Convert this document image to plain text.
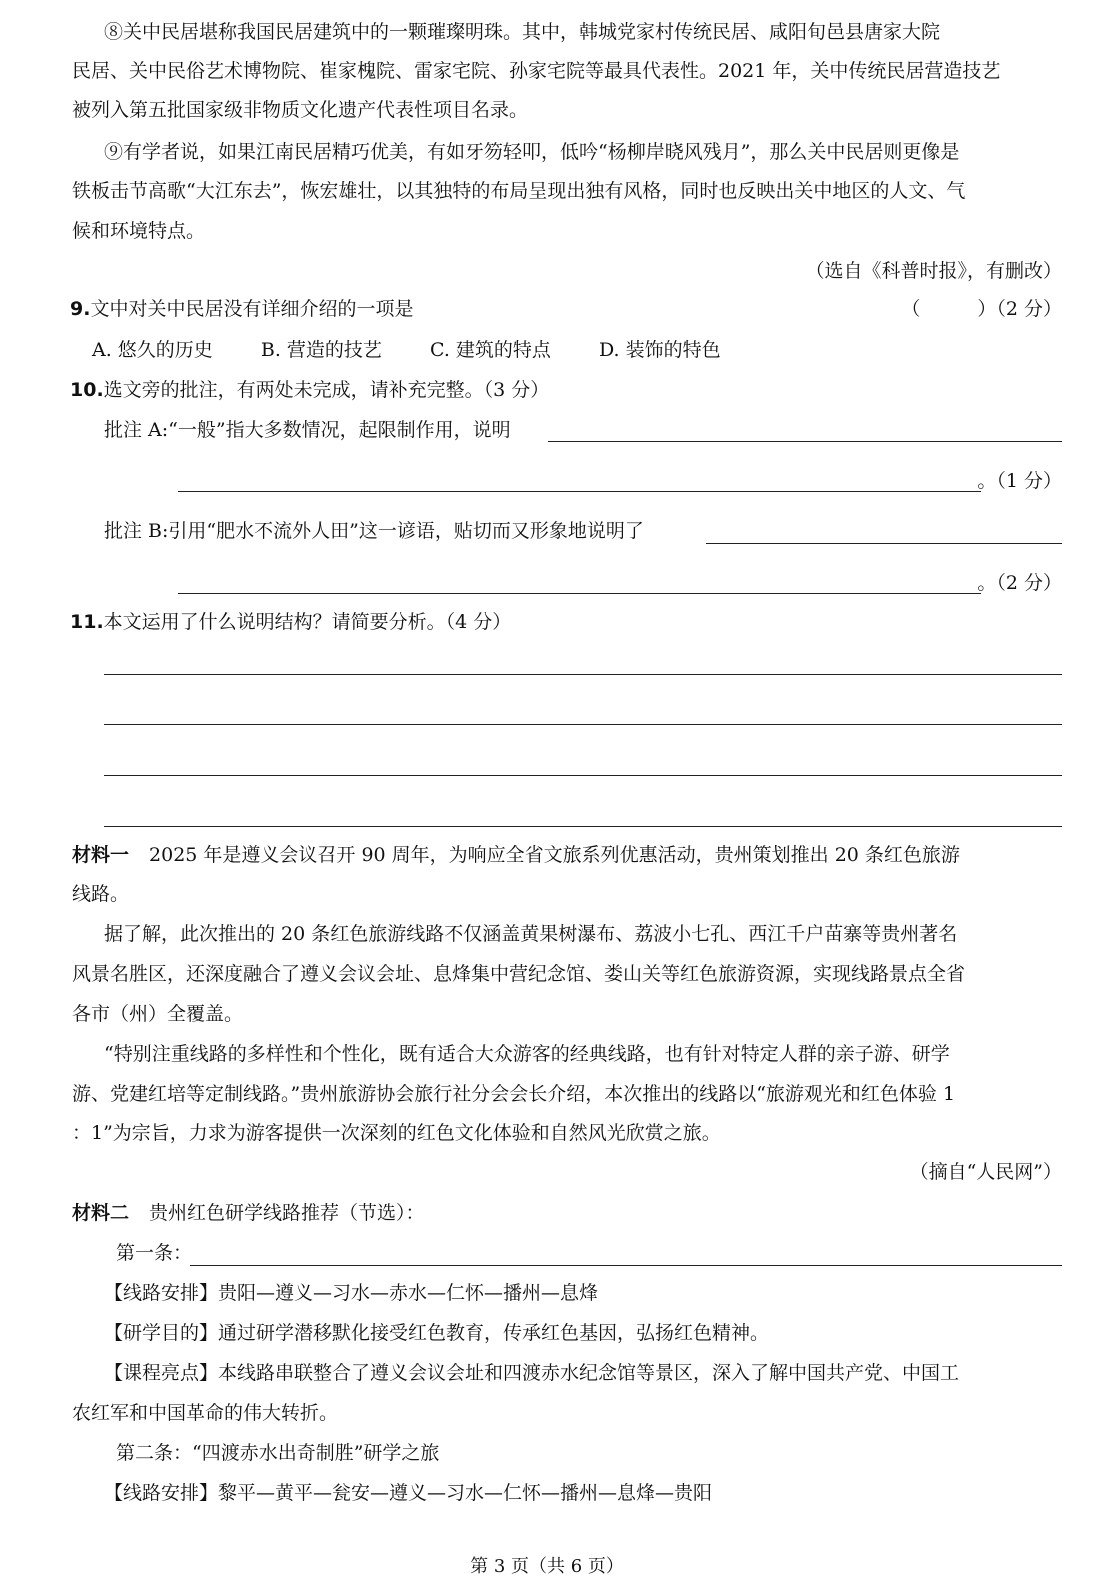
⑧关中民居堪称我国民居建筑中的一颗璀璨明珠。其中，韩城党家村传统民居、咸阳旬邑县唐家大院
民居、关中民俗艺术博物院、崔家槐院、雷家宅院、孙家宅院等最具代表性。2021 年，关中传统民居营造技艺
被列入第五批国家级非物质文化遗产代表性项目名录。
⑨有学者说，如果江南民居精巧优美，有如牙笏轻叩，低吟“杨柳岸晓风残月”，那么关中民居则更像是
铁板击节高歌“大江东去”，恢宏雄壮，以其独特的布局呈现出独有风格，同时也反映出关中地区的人文、气
候和环境特点。
（选自《科普时报》，有删改）
9.文中对关中民居没有详细介绍的一项是	（　　　）（2 分）
A. 悠久的历史	B. 营造的技艺	C. 建筑的特点	D. 装饰的特色
10.选文旁的批注，有两处未完成，请补充完整。（3 分）
批注 A:“一般”指大多数情况，起限制作用，说明
。（1 分）
批注 B:引用“肥水不流外人田”这一谚语，贴切而又形象地说明了
。（2 分）
11.本文运用了什么说明结构？请简要分析。（4 分）
材料一 2025 年是遵义会议召开 90 周年，为响应全省文旅系列优惠活动，贵州策划推出 20 条红色旅游
线路。
据了解，此次推出的 20 条红色旅游线路不仅涵盖黄果树瀑布、荔波小七孔、西江千户苗寨等贵州著名
风景名胜区，还深度融合了遵义会议会址、息烽集中营纪念馆、娄山关等红色旅游资源，实现线路景点全省
各市（州）全覆盖。
“特别注重线路的多样性和个性化，既有适合大众游客的经典线路，也有针对特定人群的亲子游、研学
游、党建红培等定制线路。”贵州旅游协会旅行社分会会长介绍，本次推出的线路以“旅游观光和红色体验 1
：1”为宗旨，力求为游客提供一次深刻的红色文化体验和自然风光欣赏之旅。
（摘自“人民网”）
材料二 贵州红色研学线路推荐（节选）：
第一条：
【线路安排】贵阳—遵义—习水—赤水—仁怀—播州—息烽
【研学目的】通过研学潜移默化接受红色教育，传承红色基因，弘扬红色精神。
【课程亮点】本线路串联整合了遵义会议会址和四渡赤水纪念馆等景区，深入了解中国共产党、中国工
农红军和中国革命的伟大转折。
第二条：“四渡赤水出奇制胜”研学之旅
【线路安排】黎平—黄平—瓮安—遵义—习水—仁怀—播州—息烽—贵阳
第 3 页（共 6 页）
